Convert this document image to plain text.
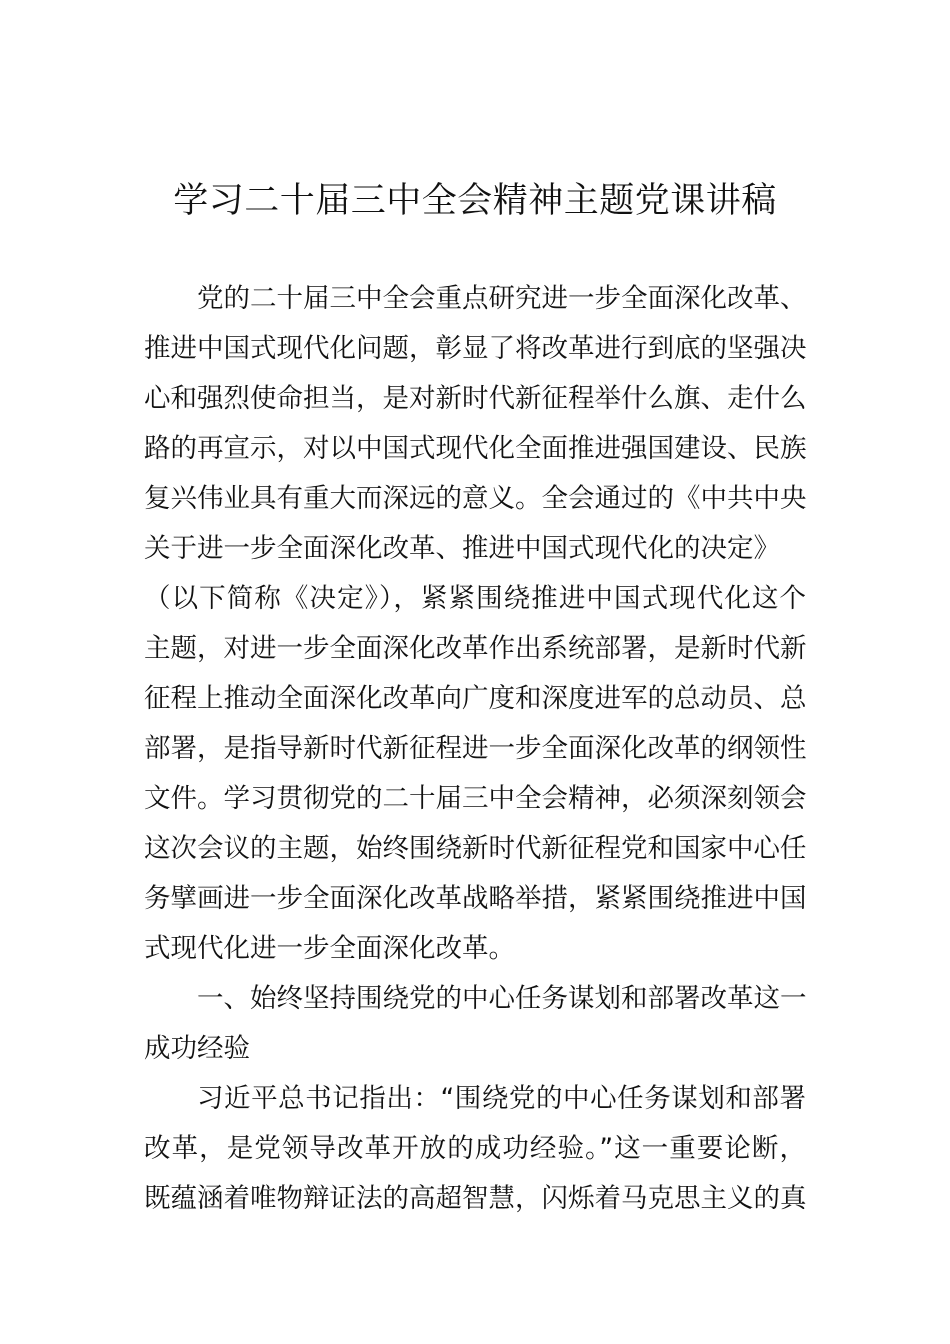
学习二十届三中全会精神主题党课讲稿
党的二十届三中全会重点研究进一步全面深化改革、
推进中国式现代化问题，彰显了将改革进行到底的坚强决
心和强烈使命担当，是对新时代新征程举什么旗、走什么
路的再宣示，对以中国式现代化全面推进强国建设、民族
复兴伟业具有重大而深远的意义。全会通过的《中共中央
关于进一步全面深化改革、推进中国式现代化的决定》
（以下简称《决定》），紧紧围绕推进中国式现代化这个
主题，对进一步全面深化改革作出系统部署，是新时代新
征程上推动全面深化改革向广度和深度进军的总动员、总
部署，是指导新时代新征程进一步全面深化改革的纲领性
文件。学习贯彻党的二十届三中全会精神，必须深刻领会
这次会议的主题，始终围绕新时代新征程党和国家中心任
务擘画进一步全面深化改革战略举措，紧紧围绕推进中国
式现代化进一步全面深化改革。
一、始终坚持围绕党的中心任务谋划和部署改革这一
成功经验
习近平总书记指出：“围绕党的中心任务谋划和部署
改革，是党领导改革开放的成功经验。”这一重要论断，
既蕴涵着唯物辩证法的高超智慧，闪烁着马克思主义的真
